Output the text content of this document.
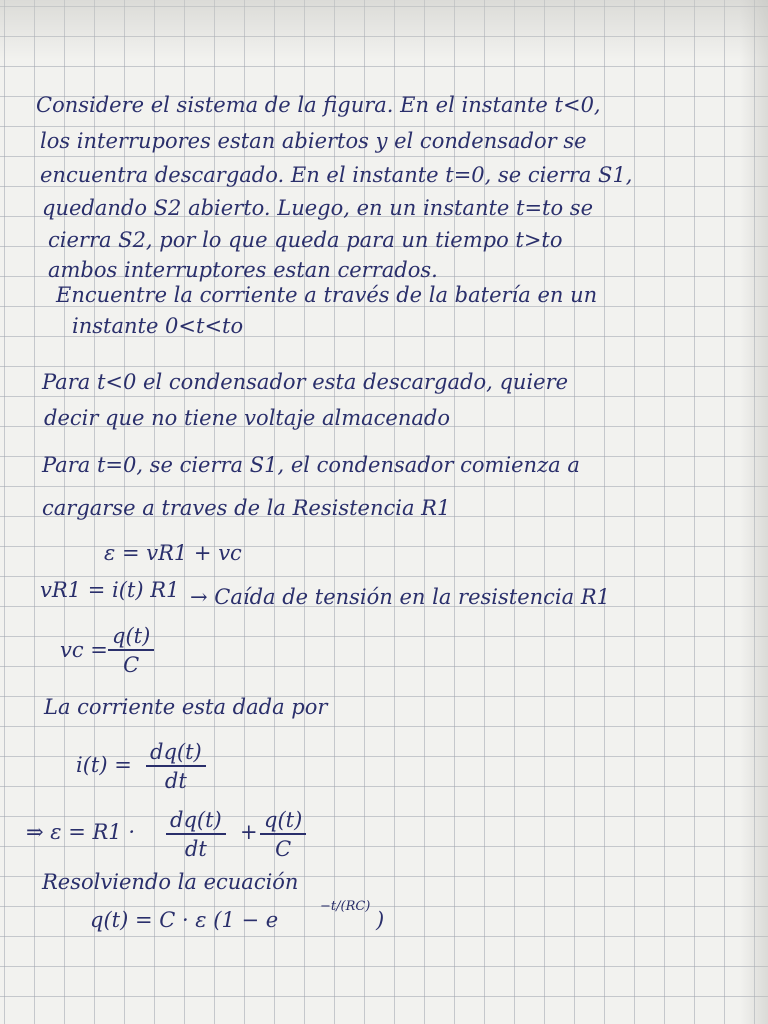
Considere el sistema de la figura. En el instante t<0,

los interrupores estan abiertos y el condensador se

encuentra descargado. En el instante t=0, se cierra S1,

quedando S2 abierto. Luego, en un instante t=to se

cierra S2, por lo que queda para un tiempo t>to

ambos interruptores estan cerrados.

Encuentre la corriente a través de la batería en un

instante 0<t<to

Para t<0 el condensador esta descargado, quiere

decir que no tiene voltaje almacenado

Para t=0, se cierra S1, el condensador comienza a

cargarse a traves de la Resistencia R1

ε = vR1 + vc

vR1 = i(t) R1 → Caída de tensión en la resistencia R1

vc = $\frac{q(t)}{C}$

La corriente esta dada por

$i(t) = \frac{dq(t)}{dt}$
⇒ $\varepsilon = R1 \cdot \frac{dq(t)}{dt} + \frac{q(t)}{C}$

Resolviendo la ecuación

q(t) = C · ε (1 − e
−t/(RC)
)
